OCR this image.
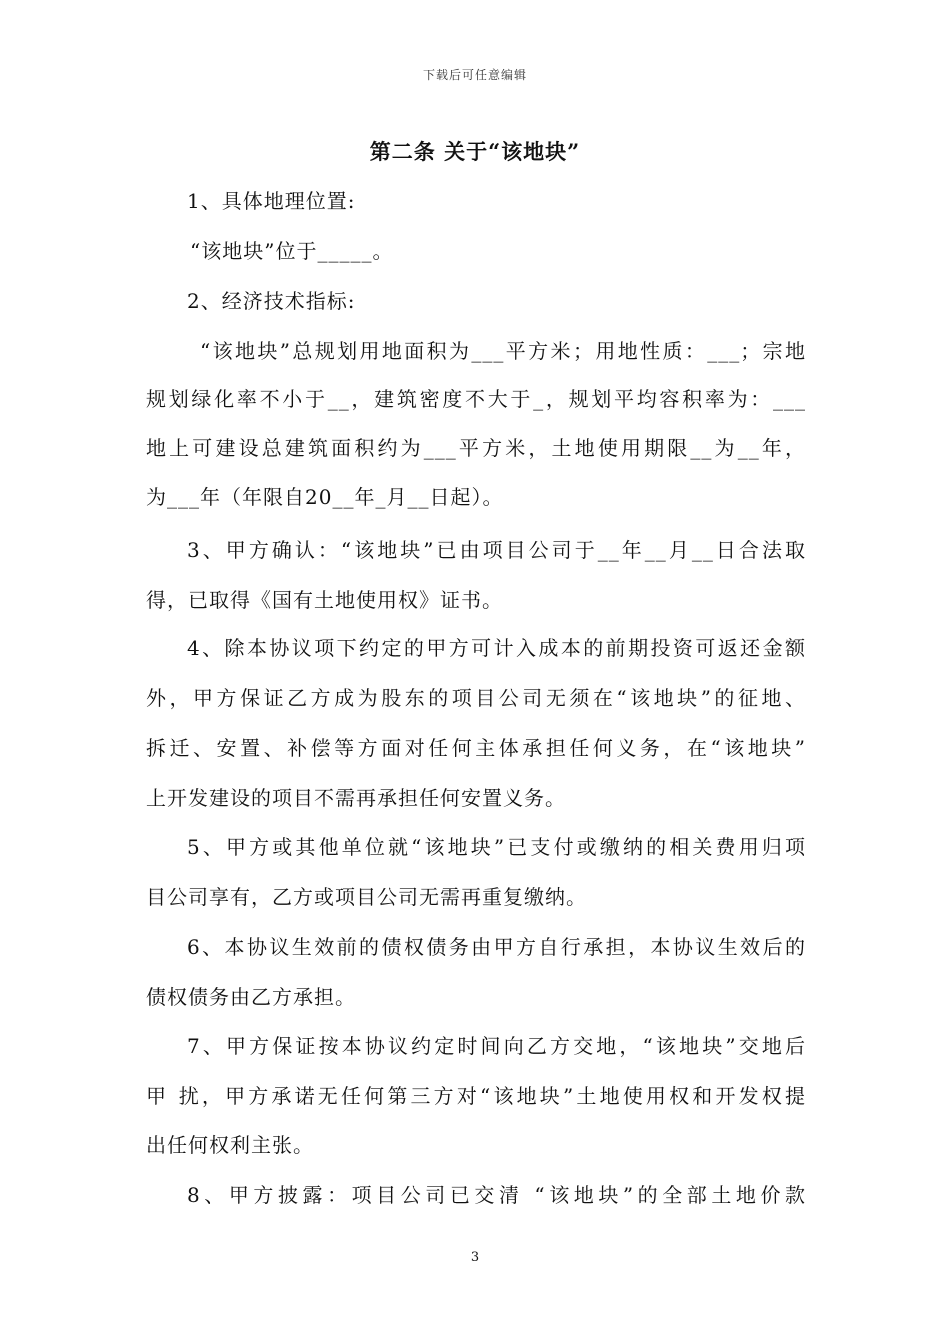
下载后可任意编辑
第二条 关于“该地块”
1、具体地理位置:
“该地块”位于_____。
2、经济技术指标:
“该地块”总规划用地面积为___平方米；用地性质：___；宗地
规划绿化率不小于__，建筑密度不大于_，规划平均容积率为：___
地上可建设总建筑面积约为___平方米，土地使用期限__为__年，
为___年（年限自20__年_月__日起）。
3、甲方确认：“该地块”已由项目公司于__年__月__日合法取
得，已取得《国有土地使用权》证书。
4、除本协议项下约定的甲方可计入成本的前期投资可返还金额
外，甲方保证乙方成为股东的项目公司无须在“该地块”的征地、
拆迁、安置、补偿等方面对任何主体承担任何义务，在“该地块”
上开发建设的项目不需再承担任何安置义务。
5、甲方或其他单位就“该地块”已支付或缴纳的相关费用归项
目公司享有，乙方或项目公司无需再重复缴纳。
6、本协议生效前的债权债务由甲方自行承担，本协议生效后的
债权债务由乙方承担。
7、甲方保证按本协议约定时间向乙方交地，“该地块”交地后
甲 扰，甲方承诺无任何第三方对“该地块”土地使用权和开发权提
出任何权利主张。
8、甲方披露：项目公司已交清 “该地块”的全部土地价款
3
